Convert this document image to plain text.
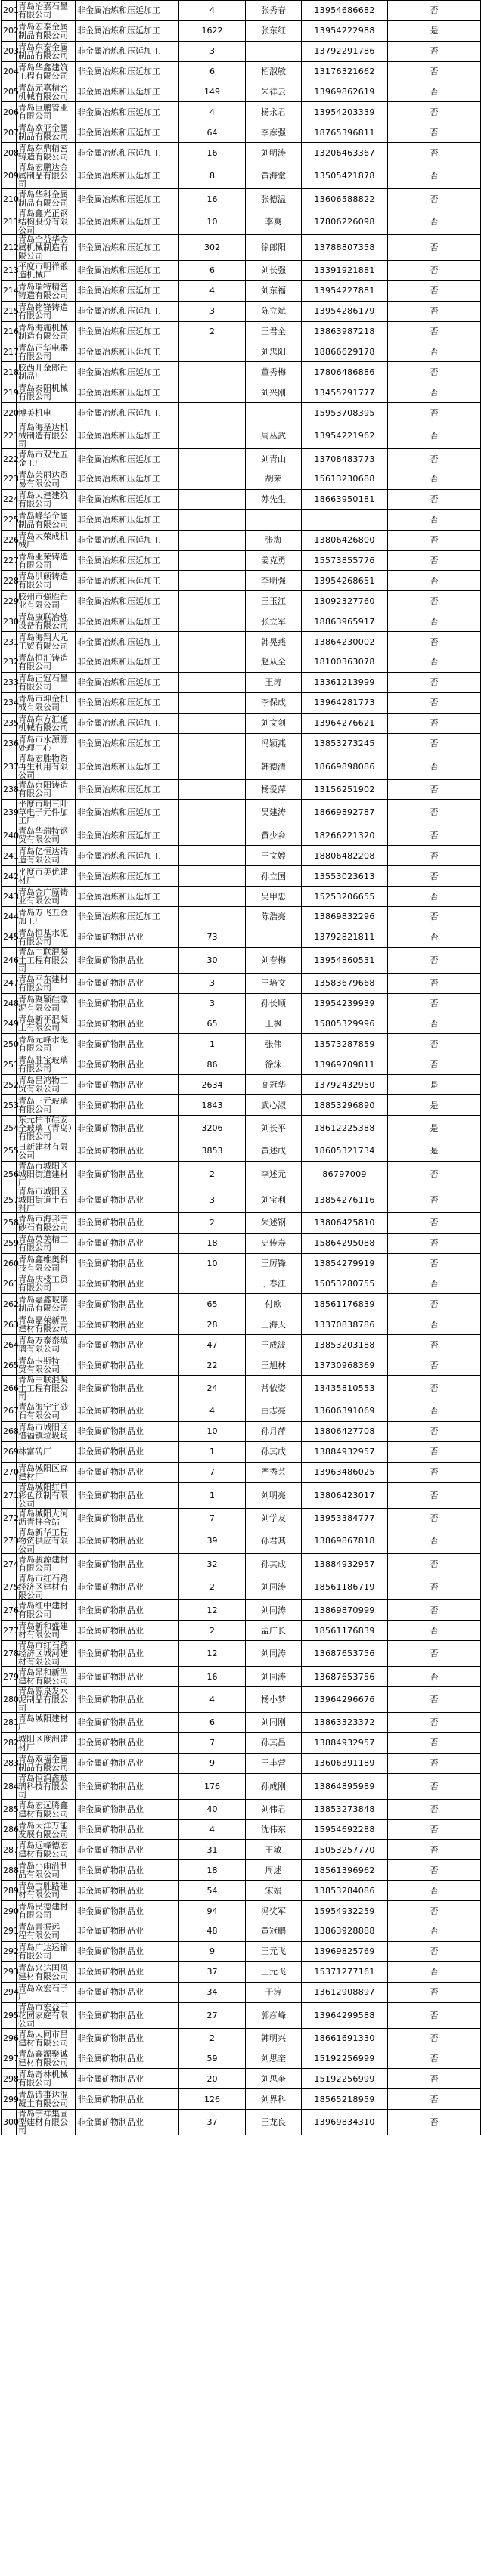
201	青岛冶嘉石墨有限公司	非金属冶炼和压延加工	4	张秀春	13954686682	否
202	青岛宏泰金属制品有限公司	非金属冶炼和压延加工	1622	张东红	13954222988	是
203	青岛东泰金属制品有限公司	非金属冶炼和压延加工	3		13792291786	否
204	青岛华鑫建筑工程有限公司	非金属冶炼和压延加工	6	栢淑敏	13176321662	否
205	青岛元嘉精密机械有限公司	非金属冶炼和压延加工	149	朱祥云	13969862619	否
206	青岛巨鹏管业有限公司	非金属冶炼和压延加工	4	杨永君	13954203339	否
207	青岛欧亚金属制品有限公司	非金属冶炼和压延加工	64	李彦强	18765396811	否
208	青岛东鼎精密铸造有限公司	非金属冶炼和压延加工	16	刘明涛	13206463367	否
209	青岛宏鹏达金属制品有限公司	非金属冶炼和压延加工	8	黄海堂	13505421878	否
210	青岛华科金属制品有限公司	非金属冶炼和压延加工	16	张德温	13606588822	否
211	青岛鑫光正钢结构股份有限公司	非金属冶炼和压延加工	10	李爽	17806226098	否
212	青岛全益华金属机械制造有限公司	非金属冶炼和压延加工	302	徐郎阳	13788807358	否
213	平度市明祥锻造机械厂	非金属冶炼和压延加工	6	刘长强	13391921881	否
214	青岛瑞特精密铸造有限公司	非金属冶炼和压延加工	4	刘东福	13954227881	否
215	青岛铭锋铸造有限公司	非金属冶炼和压延加工	3	陈立斌	13954286179	否
216	青岛海施机械制造有限公司	非金属冶炼和压延加工	2	王君全	13863987218	否
217	青岛正华电器有限公司	非金属冶炼和压延加工		刘忠阳	18866629178	否
218	胶西开金郎铝制品厂	非金属冶炼和压延加工		董秀梅	17806486886	否
219	青岛泰阳机械有限公司	非金属冶炼和压延加工		刘兴刚	13455291777	否
220	博美机电	非金属冶炼和压延加工			15953708395	否
221	青岛海圣达机械制造有限公司	非金属冶炼和压延加工		周丛武	13954221962	否
222	青岛市双龙五金工厂	非金属冶炼和压延加工		刘青山	13708483773	否
223	青岛荣丽达贸易有限公司	非金属冶炼和压延加工		胡荣	15613230688	否
224	青岛大建建筑有限公司	非金属冶炼和压延加工		苏先生	18663950181	否
225	青岛峰华金属制品有限公司	非金属冶炼和压延加工				否
226	青岛大荣成机械厂	非金属冶炼和压延加工		张海	13806426800	否
227	青岛亚荣铸造有限公司	非金属冶炼和压延加工		姜克勇	15573855776	否
228	青岛洪硕铸造有限公司	非金属冶炼和压延加工		李明强	13954268651	否
229	胶州市强胜铝业有限公司	非金属冶炼和压延加工		王玉江	13092327760	否
230	青岛康联冶炼设备有限公司	非金属冶炼和压延加工		张立军	18863965917	否
231	青岛海翔大元工贸有限公司	非金属冶炼和压延加工		韩晃燕	13864230002	否
232	青岛恒汇铸造有限公司	非金属冶炼和压延加工		赵从全	18100363078	否
233	青岛正冠石墨有限公司	非金属冶炼和压延加工		王涛	13361213999	否
234	青岛市坤金机械有限公司	非金属冶炼和压延加工		李保成	13964281773	否
235	青岛东方汇通机械有限公司	非金属冶炼和压延加工		刘文剑	13964276621	否
236	青岛市水源源处理中心	非金属冶炼和压延加工		冯颖燕	13853273245	否
237	青岛宏胜物资再生利用有限公司	非金属冶炼和压延加工		韩德清	18669898086	否
238	青岛京阳铸造有限公司	非金属冶炼和压延加工		杨爱萍	13156251902	否
239	平度市明三叶草电子元件加工厂	非金属冶炼和压延加工		吴建涛	18669892787	否
240	青岛华瑞特钢贸有限公司	非金属冶炼和压延加工		黄少乡	18266221320	否
241	青岛亿恒达铸造有限公司	非金属冶炼和压延加工		王文婷	18806482208	否
242	平度市美优建材厂	非金属冶炼和压延加工		孙立国	13553023613	否
243	青岛金广原铸业有限公司	非金属冶炼和压延加工		吴甲忠	15253206655	否
244	青岛万飞五金加工厂	非金属冶炼和压延加工		陈浩亮	13869832296	否
245	青岛恒基水泥有限公司	非金属矿物制品业	73		13792821811	否
246	青岛中联混凝土工程有限公司	非金属矿物制品业	30	刘春梅	13954860531	否
247	青岛平东建材有限公司	非金属矿物制品业	3	王培文	13583679668	否
248	青岛聚颖硅藻泥有限公司	非金属矿物制品业	3	孙长顺	13954239939	否
249	青岛新平混凝土有限公司	非金属矿物制品业	65	王枫	15805329996	否
250	青岛元峰水泥有限公司	非金属矿物制品业	1	张伟	13573287859	否
251	青岛胜宝玻璃有限公司	非金属矿物制品业	86	徐泳	13969709811	否
252	青岛昌鸿物工贸有限公司	非金属矿物制品业	2634	高冠华	13792432950	是
253	青岛三元玻璃有限公司	非金属矿物制品业	1843	武心淑	18853296890	是
254	东元柏市硅安全玻璃（青岛）有限公司	非金属矿物制品业	3206	刘长平	18612225388	是
255	日新建材有限公司	非金属矿物制品业	3853	黄述成	18605321734	是
256	青岛市城阳区城阳街道建材厂	非金属矿物制品业	2	李述元	86797009	否
257	青岛市城阳区城阳街道土石料厂	非金属矿物制品业	3	刘宝利	13854276116	否
258	青岛市海邦宇砂石有限公司	非金属矿物制品业	2	朱述钢	13806425810	否
259	青岛英美精工有限公司	非金属矿物制品业	18	史传寿	15864295088	否
260	青岛鑫维奥科技有限公司	非金属矿物制品业	10	王厉锋	13854279919	否
261	青岛庆楼工贸有限公司	非金属矿物制品业		于春江	15053280755	否
262	青岛嘉鑫玻璃制品有限公司	非金属矿物制品业	65	付欧	18561176839	否
263	青岛嘉荣新型建材有限公司	非金属矿物制品业	28	王海天	13370838786	否
264	青岛万泰泰玻璃有限公司	非金属矿物制品业	47	王成波	13853203188	否
265	青岛卡斯特工贸有限公司	非金属矿物制品业	22	王旭林	13730968369	否
266	青岛中联混凝土工程有限公司	非金属矿物制品业	24	常依姿	13435810553	否
267	青岛海宁宇砂石有限公司	非金属矿物制品业	4	由志亮	13606391069	否
268	青岛市城阳区惜福镇垃圾场	非金属矿物制品业	10	孙月萍	13806427708	否
269	林富砖厂	非金属矿物制品业	1	孙其成	13884932957	否
270	青岛城阳区森建材厂	非金属矿物制品业	7	严秀芸	13963486025	否
271	青岛城阳红旦彩色预制有限公司	非金属矿物制品业	1	刘明亮	13806423017	否
272	青岛城阳大河沥青拌合站	非金属矿物制品业	7	刘学友	13953384777	否
273	青岛新华工程物资供应有限公司	非金属矿物制品业	39	孙君其	13869867818	否
274	青岛骏源建材有限公司	非金属矿物制品业	32	孙其成	13884932957	否
275	青岛市红石路经济区建材有限公司	非金属矿物制品业	2	刘同涛	18561186719	否
276	青岛红中建材有限公司	非金属矿物制品业	12	刘同涛	13869870999	否
277	青岛新和盛建材有限公司	非金属矿物制品业	2	孟广长	18561176839	否
278	青岛市红石路经济区城河建材有限公司	非金属矿物制品业	12	刘同涛	13687653756	否
279	青岛昂和新型建材有限公司	非金属矿物制品业	16	刘同涛	13687653756	否
280	青岛源泉发水泥制品有限公司	非金属矿物制品业	4	杨小梦	13964296676	否
281	青岛城阳建材厂	非金属矿物制品业	6	刘同刚	13863323372	否
282	城阳区度洲建材厂	非金属矿物制品业	7	孙其昌	13884932957	否
283	青岛双福金属制品有限公司	非金属矿物制品业	9	王丰营	13606391189	否
284	青岛恒润鑫玻璃科技有限公司	非金属矿物制品业	176	孙成刚	13864895989	否
285	青岛宏远腾鑫建材有限公司	非金属矿物制品业	40	刘伟君	13853273848	否
286	青岛大洋万能发展有限公司	非金属矿物制品业	4	沈伟东	15954692288	否
287	青岛远峰德宏建材有限公司	非金属矿物制品业	31	王敏	15053257770	否
288	青岛小雨沿制品有限公司	非金属矿物制品业	18	周述	18561396962	否
289	青岛宝胜路建材有限公司	非金属矿物制品业	54	宋娟	13853284086	否
290	青岛民德建材有限公司	非金属矿物制品业	94	冯奖军	15954932259	否
291	青岛青振远工程有限公司	非金属矿物制品业	48	黄冠鹏	13863928888	否
292	青岛广达运输有限公司	非金属矿物制品业	9	王元飞	13969825769	否
293	青岛兴达国风建材有限公司	非金属矿物制品业	37	王元飞	15371277161	否
294	青岛众宏石子厂	非金属矿物制品业	34	于涛	13612908897	否
295	青岛市宏益于花园家庭有限公司	非金属矿物制品业	27	郭彦峰	13964299588	否
296	青岛大同市昌建材有限公司	非金属矿物制品业	2	韩明兴	18661691330	否
297	青岛鑫源聚诚建材有限公司	非金属矿物制品业	59	刘思奎	15192256999	否
298	青岛奇林机械有限公司	非金属矿物制品业	20	刘思奎	15192256999	否
299	青岛诗事达混凝土有限公司	非金属矿物制品业	126	刘界科	18565218959	否
300	青岛宇祥集固型建材有限公司	非金属矿物制品业	37	王龙良	13969834310	否
